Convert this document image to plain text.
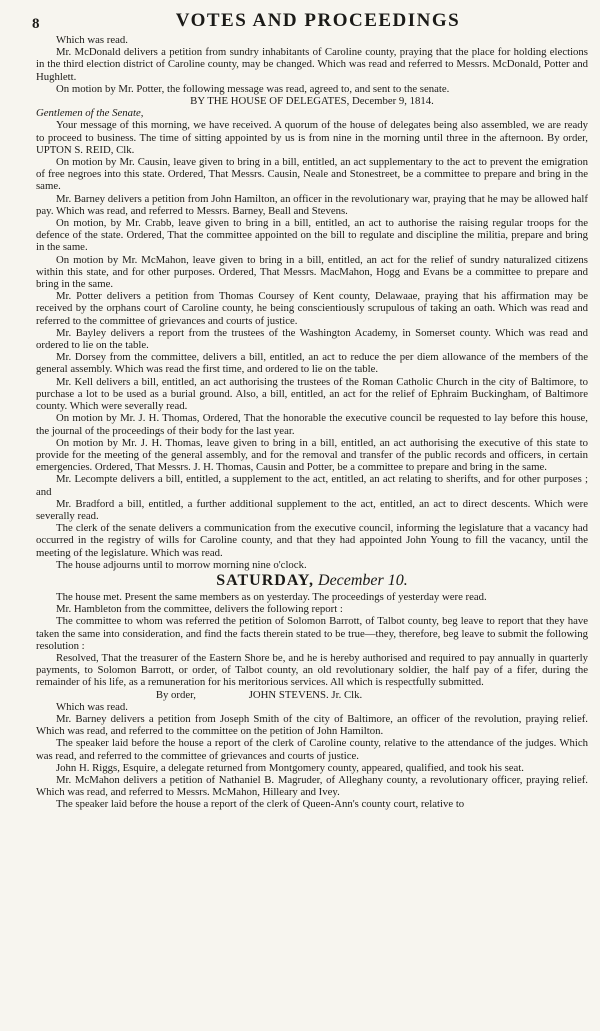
8	VOTES AND PROCEEDINGS

Which was read.

Mr. McDonald delivers a petition from sundry inhabitants of Caroline county, praying that the place for holding elections in the third election district of Caroline county, may be changed. Which was read and referred to Messrs. McDonald, Potter and Hughlett.

On motion by Mr. Potter, the following message was read, agreed to, and sent to the senate.

BY THE HOUSE OF DELEGATES, December 9, 1814.

Gentlemen of the Senate,

Your message of this morning, we have received. A quorum of the house of delegates being also assembled, we are ready to proceed to business. The time of sitting appointed by us is from nine in the morning until three in the afternoon. By order, UPTON S. REID, Clk.

On motion by Mr. Causin, leave given to bring in a bill, entitled, an act supplementary to the act to prevent the emigration of free negroes into this state. Ordered, That Messrs. Causin, Neale and Stonestreet, be a committee to prepare and bring in the same.

Mr. Barney delivers a petition from John Hamilton, an officer in the revolutionary war, praying that he may be allowed half pay. Which was read, and referred to Messrs. Barney, Beall and Stevens.

On motion, by Mr. Crabb, leave given to bring in a bill, entitled, an act to authorise the raising regular troops for the defence of the state. Ordered, That the committee appointed on the bill to regulate and discipline the militia, prepare and bring in the same.

On motion by Mr. McMahon, leave given to bring in a bill, entitled, an act for the relief of sundry naturalized citizens within this state, and for other purposes. Ordered, That Messrs. MacMahon, Hogg and Evans be a committee to prepare and bring in the same.

Mr. Potter delivers a petition from Thomas Coursey of Kent county, Delawaae, praying that his affirmation may be received by the orphans court of Caroline county, he being conscientiously scrupulous of taking an oath. Which was read and referred to the committee of grievances and courts of justice.

Mr. Bayley delivers a report from the trustees of the Washington Academy, in Somerset county. Which was read and ordered to lie on the table.

Mr. Dorsey from the committee, delivers a bill, entitled, an act to reduce the per diem allowance of the members of the general assembly. Which was read the first time, and ordered to lie on the table.

Mr. Kell delivers a bill, entitled, an act authorising the trustees of the Roman Catholic Church in the city of Baltimore, to purchase a lot to be used as a burial ground. Also, a bill, entitled, an act for the relief of Ephraim Buckingham, of Baltimore county. Which were severally read.

On motion by Mr. J. H. Thomas, Ordered, That the honorable the executive council be requested to lay before this house, the journal of the proceedings of their body for the last year.

On motion by Mr. J. H. Thomas, leave given to bring in a bill, entitled, an act authorising the executive of this state to provide for the meeting of the general assembly, and for the removal and transfer of the public records and officers, in certain emergencies. Ordered, That Messrs. J. H. Thomas, Causin and Potter, be a committee to prepare and bring in the same.

Mr. Lecompte delivers a bill, entitled, a supplement to the act, entitled, an act relating to sherifts, and for other purposes ; and

Mr. Bradford a bill, entitled, a further additional supplement to the act, entitled, an act to direct descents. Which were severally read.

The clerk of the senate delivers a communication from the executive council, informing the legislature that a vacancy had occurred in the registry of wills for Caroline county, and that they had appointed John Young to fill the vacancy, until the meeting of the legislature. Which was read.

The house adjourns until to morrow morning nine o'clock.

SATURDAY, December 10.

The house met. Present the same members as on yesterday. The proceedings of yesterday were read.

Mr. Hambleton from the committee, delivers the following report :

The committee to whom was referred the petition of Solomon Barrott, of Talbot county, beg leave to report that they have taken the same into consideration, and find the facts therein stated to be true—they, therefore, beg leave to submit the following resolution :

Resolved, That the treasurer of the Eastern Shore be, and he is hereby authorised and required to pay annually in quarterly payments, to Solomon Barrott, or order, of Talbot county, an old revolutionary soldier, the half pay of a fifer, during the remainder of his life, as a remuneration for his meritorious services. All which is respectfully submitted.

By order,	JOHN STEVENS. Jr. Clk.

Which was read.

Mr. Barney delivers a petition from Joseph Smith of the city of Baltimore, an officer of the revolution, praying relief. Which was read, and referred to the committee on the petition of John Hamilton.

The speaker laid before the house a report of the clerk of Caroline county, relative to the attendance of the judges. Which was read, and referred to the committee of grievances and courts of justice.

John H. Riggs, Esquire, a delegate returned from Montgomery county, appeared, qualified, and took his seat.

Mr. McMahon delivers a petition of Nathaniel B. Magruder, of Alleghany county, a revolutionary officer, praying relief. Which was read, and referred to Messrs. McMahon, Hilleary and Ivey.

The speaker laid before the house a report of the clerk of Queen-Ann's county court, relative to
